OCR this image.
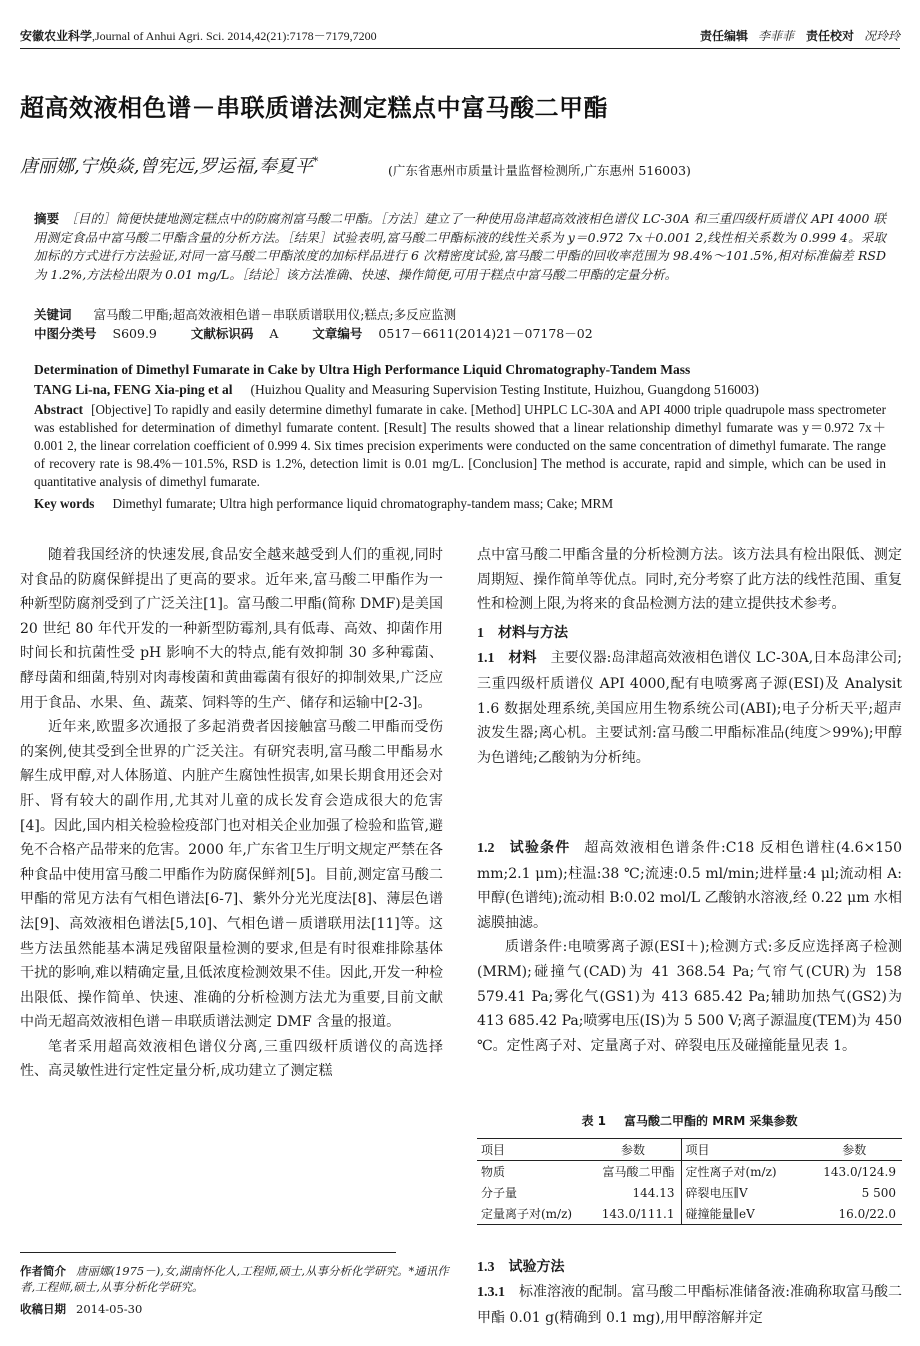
安徽农业科学,Journal of Anhui Agri. Sci. 2014,42(21):7178－7179,7200	责任编辑 李菲菲 责任校对 况玲玲
超高效液相色谱－串联质谱法测定糕点中富马酸二甲酯
唐丽娜,宁焕焱,曾宪远,罗运福,奉夏平*
(广东省惠州市质量计量监督检测所,广东惠州 516003)
摘要 ［目的］简便快捷地测定糕点中的防腐剂富马酸二甲酯。［方法］建立了一种使用岛津超高效液相色谱仪 LC-30A 和三重四级杆质谱仪 API 4000 联用测定食品中富马酸二甲酯含量的分析方法。［结果］试验表明,富马酸二甲酯标液的线性关系为 y＝0.972 7x＋0.001 2,线性相关系数为 0.999 4。采取加标的方式进行方法验证,对同一富马酸二甲酯浓度的加标样品进行 6 次精密度试验,富马酸二甲酯的回收率范围为 98.4%～101.5%,相对标准偏差 RSD 为 1.2%,方法检出限为 0.01 mg/L。［结论］该方法准确、快速、操作简便,可用于糕点中富马酸二甲酯的定量分析。
关键词 富马酸二甲酯;超高效液相色谱－串联质谱联用仪;糕点;多反应监测
中图分类号 S609.9	文献标识码 A	文章编号 0517－6611(2014)21－07178－02
Determination of Dimethyl Fumarate in Cake by Ultra High Performance Liquid Chromatography-Tandem Mass
TANG Li-na, FENG Xia-ping et al (Huizhou Quality and Measuring Supervision Testing Institute, Huizhou, Guangdong 516003)
Abstract [Objective] To rapidly and easily determine dimethyl fumarate in cake. [Method] UHPLC LC-30A and API 4000 triple quadrupole mass spectrometer was established for determination of dimethyl fumarate content. [Result] The results showed that a linear relationship dimethyl fumarate was y＝0.972 7x＋0.001 2, the linear correlation coefficient of 0.999 4. Six times precision experiments were conducted on the same concentration of dimethyl fumarate. The range of recovery rate is 98.4%－101.5%, RSD is 1.2%, detection limit is 0.01 mg/L. [Conclusion] The method is accurate, rapid and simple, which can be used in quantitative analysis of dimethyl fumarate.
Key words Dimethyl fumarate; Ultra high performance liquid chromatography-tandem mass; Cake; MRM

随着我国经济的快速发展,食品安全越来越受到人们的重视,同时对食品的防腐保鲜提出了更高的要求。近年来,富马酸二甲酯作为一种新型防腐剂受到了广泛关注[1]。富马酸二甲酯(简称 DMF)是美国 20 世纪 80 年代开发的一种新型防霉剂,具有低毒、高效、抑菌作用时间长和抗菌性受 pH 影响不大的特点,能有效抑制 30 多种霉菌、酵母菌和细菌,特别对肉毒梭菌和黄曲霉菌有很好的抑制效果,广泛应用于食品、水果、鱼、蔬菜、饲料等的生产、储存和运输中[2-3]。

近年来,欧盟多次通报了多起消费者因接触富马酸二甲酯而受伤的案例,使其受到全世界的广泛关注。有研究表明,富马酸二甲酯易水解生成甲醇,对人体肠道、内脏产生腐蚀性损害,如果长期食用还会对肝、肾有较大的副作用,尤其对儿童的成长发育会造成很大的危害[4]。因此,国内相关检验检疫部门也对相关企业加强了检验和监管,避免不合格产品带来的危害。2000 年,广东省卫生厅明文规定严禁在各种食品中使用富马酸二甲酯作为防腐保鲜剂[5]。目前,测定富马酸二甲酯的常见方法有气相色谱法[6-7]、紫外分光光度法[8]、薄层色谱法[9]、高效液相色谱法[5,10]、气相色谱－质谱联用法[11]等。这些方法虽然能基本满足残留限量检测的要求,但是有时很难排除基体干扰的影响,难以精确定量,且低浓度检测效果不佳。因此,开发一种检出限低、操作简单、快速、准确的分析检测方法尤为重要,目前文献中尚无超高效液相色谱－串联质谱法测定 DMF 含量的报道。

笔者采用超高效液相色谱仪分离,三重四级杆质谱仪的高选择性、高灵敏性进行定性定量分析,成功建立了测定糕

点中富马酸二甲酯含量的分析检测方法。该方法具有检出限低、测定周期短、操作简单等优点。同时,充分考察了此方法的线性范围、重复性和检测上限,为将来的食品检测方法的建立提供技术参考。

1 材料与方法

1.1 材料 主要仪器:岛津超高效液相色谱仪 LC-30A,日本岛津公司;三重四级杆质谱仪 API 4000,配有电喷雾离子源(ESI)及 Analysit 1.6 数据处理系统,美国应用生物系统公司(ABI);电子分析天平;超声波发生器;离心机。主要试剂:富马酸二甲酯标准品(纯度＞99%);甲醇为色谱纯;乙酸钠为分析纯。

1.2 试验条件 超高效液相色谱条件:C18 反相色谱柱(4.6×150 mm;2.1 μm);柱温:38 ℃;流速:0.5 ml/min;进样量:4 μl;流动相 A:甲醇(色谱纯);流动相 B:0.02 mol/L 乙酸钠水溶液,经 0.22 μm 水相滤膜抽滤。

质谱条件:电喷雾离子源(ESI＋);检测方式:多反应选择离子检测(MRM);碰撞气(CAD)为 41 368.54 Pa;气帘气(CUR)为 158 579.41 Pa;雾化气(GS1)为 413 685.42 Pa;辅助加热气(GS2)为 413 685.42 Pa;喷雾电压(IS)为 5 500 V;离子源温度(TEM)为 450 ℃。定性离子对、定量离子对、碎裂电压及碰撞能量见表 1。

表 1 富马酸二甲酯的 MRM 采集参数
项目	参数	项目	参数
物质	富马酸二甲酯	定性离子对(m/z)	143.0/124.9
分子量	144.13	碎裂电压∥V	5 500
定量离子对(m/z)	143.0/111.1	碰撞能量∥eV	16.0/22.0
1.3 试验方法
1.3.1 标准溶液的配制。富马酸二甲酯标准储备液:准确称取富马酸二甲酯 0.01 g(精确到 0.1 mg),用甲醇溶解并定
作者简介 唐丽娜(1975－),女,湖南怀化人,工程师,硕士,从事分析化学研究。*通讯作者,工程师,硕士,从事分析化学研究。
收稿日期 2014-05-30
